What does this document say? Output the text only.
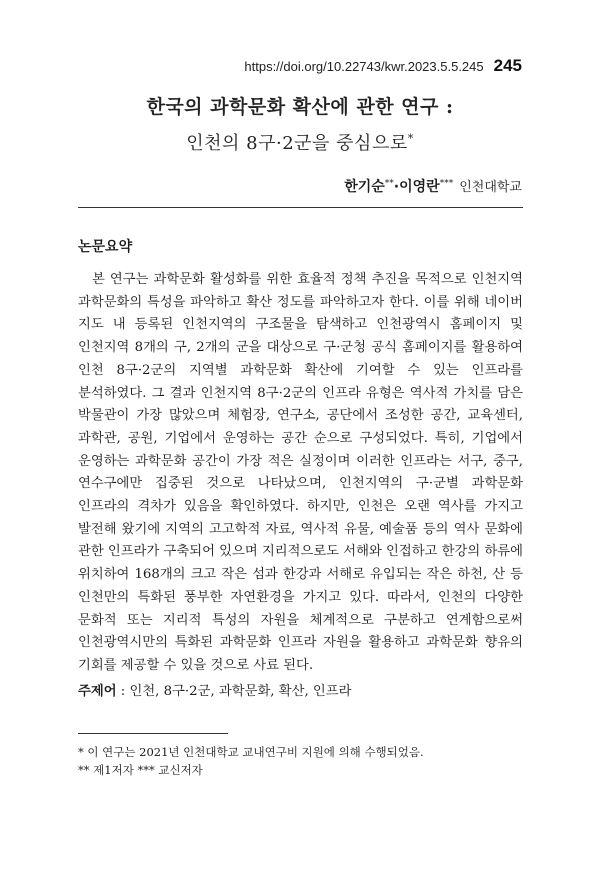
https://doi.org/10.22743/kwr.2023.5.5.245 245
한국의 과학문화 확산에 관한 연구 :
인천의 8구·2군을 중심으로*
한기순**·이영란*** 인천대학교
논문요약

본 연구는 과학문화 활성화를 위한 효율적 정책 추진을 목적으로 인천지역 과학문화의 특성을 파악하고 확산 정도를 파악하고자 한다. 이를 위해 네이버 지도 내 등록된 인천지역의 구조물을 탐색하고 인천광역시 홈페이지 및 인천지역 8개의 구, 2개의 군을 대상으로 구·군청 공식 홈페이지를 활용하여 인천 8구·2군의 지역별 과학문화 확산에 기여할 수 있는 인프라를 분석하였다. 그 결과 인천지역 8구·2군의 인프라 유형은 역사적 가치를 담은 박물관이 가장 많았으며 체험장, 연구소, 공단에서 조성한 공간, 교육센터, 과학관, 공원, 기업에서 운영하는 공간 순으로 구성되었다. 특히, 기업에서 운영하는 과학문화 공간이 가장 적은 실정이며 이러한 인프라는 서구, 중구, 연수구에만 집중된 것으로 나타났으며, 인천지역의 구·군별 과학문화 인프라의 격차가 있음을 확인하였다. 하지만, 인천은 오랜 역사를 가지고 발전해 왔기에 지역의 고고학적 자료, 역사적 유물, 예술품 등의 역사 문화에 관한 인프라가 구축되어 있으며 지리적으로도 서해와 인접하고 한강의 하류에 위치하여 168개의 크고 작은 섬과 한강과 서해로 유입되는 작은 하천, 산 등 인천만의 특화된 풍부한 자연환경을 가지고 있다. 따라서, 인천의 다양한 문화적 또는 지리적 특성의 자원을 체계적으로 구분하고 연계함으로써 인천광역시만의 특화된 과학문화 인프라 자원을 활용하고 과학문화 향유의 기회를 제공할 수 있을 것으로 사료 된다.

주제어 : 인천, 8구·2군, 과학문화, 확산, 인프라
* 이 연구는 2021년 인천대학교 교내연구비 지원에 의해 수행되었음.
** 제1저자 *** 교신저자
